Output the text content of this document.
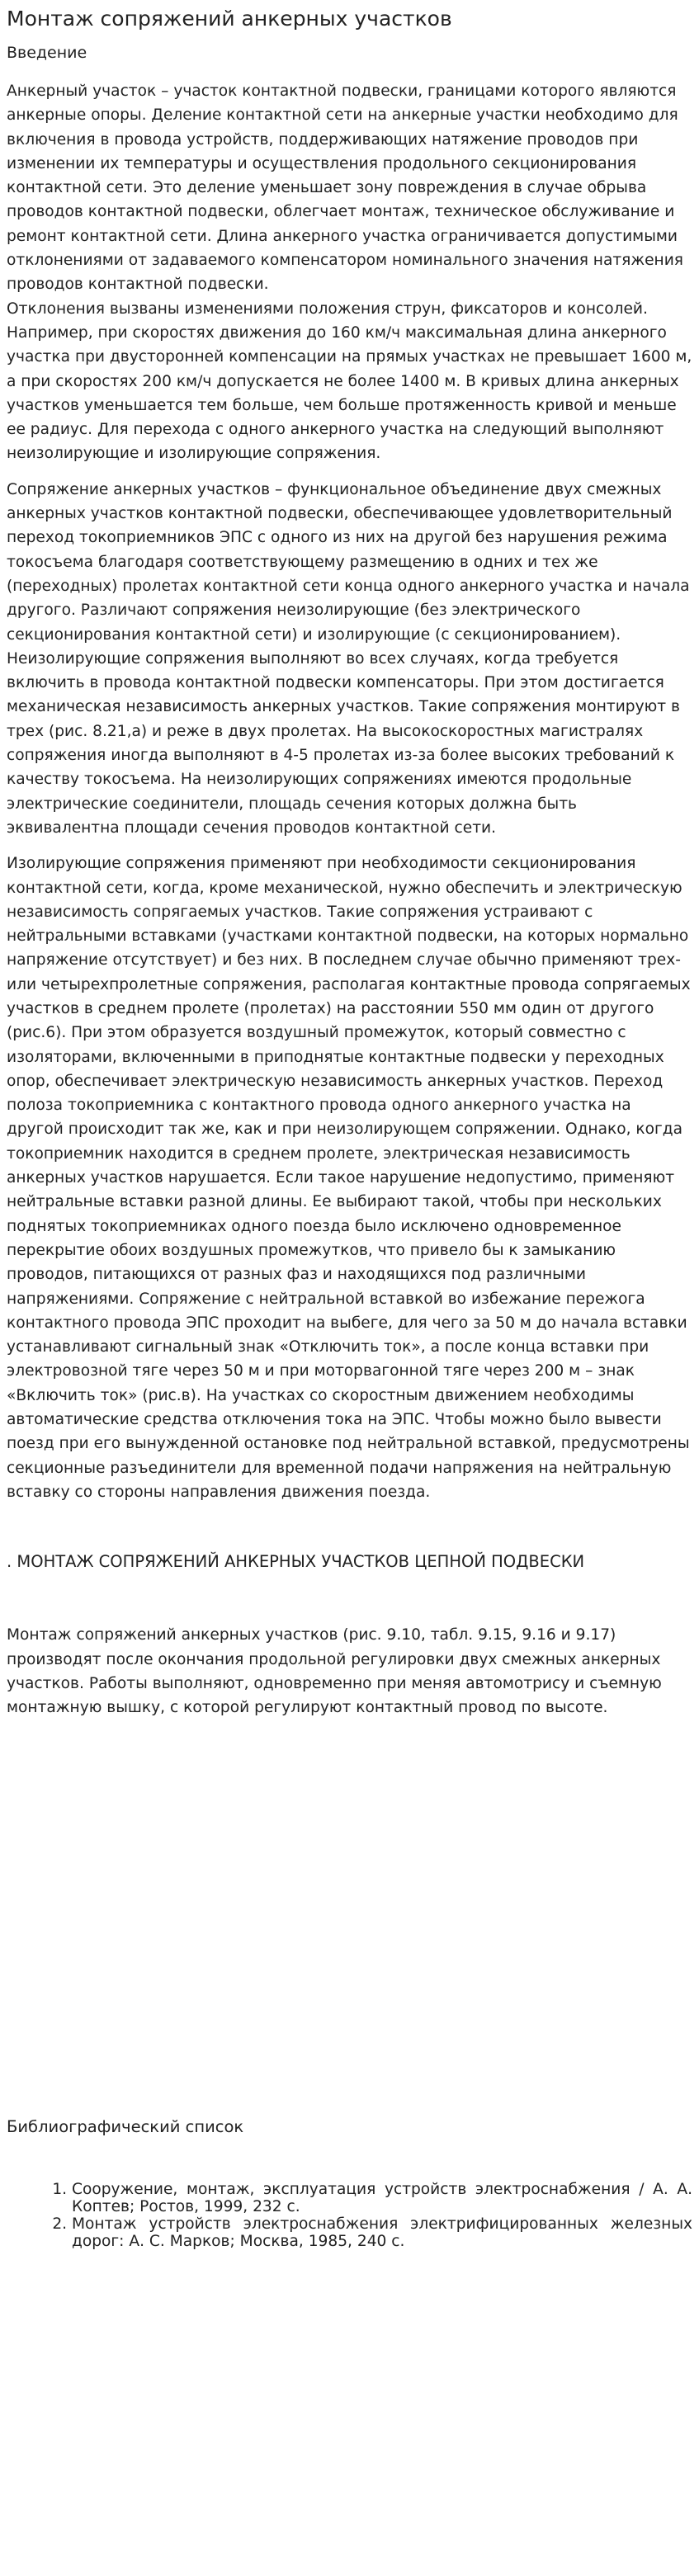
Монтаж сопряжений анкерных участков
Введение

Анкерный участок – участок контактной подвески, границами которого являются анкерные опоры. Деление контактной сети на анкерные участки необходимо для включения в провода устройств, поддерживающих натяжение проводов при изменении их температуры и осуществления продольного секционирования контактной сети. Это деление уменьшает зону повреждения в случае обрыва проводов контактной подвески, облегчает монтаж, техническое обслуживание и ремонт контактной сети. Длина анкерного участка ограничивается допустимыми отклонениями от задаваемого компенсатором номинального значения натяжения проводов контактной подвески.

Отклонения вызваны изменениями положения струн, фиксаторов и консолей. Например, при скоростях движения до 160 км/ч максимальная длина анкерного участка при двусторонней компенсации на прямых участках не превышает 1600 м, а при скоростях 200 км/ч допускается не более 1400 м. В кривых длина анкерных участков уменьшается тем больше, чем больше протяженность кривой и меньше ее радиус. Для перехода с одного анкерного участка на следующий выполняют неизолирующие и изолирующие сопряжения.

Сопряжение анкерных участков – функциональное объединение двух смежных анкерных участков контактной подвески, обеспечивающее удовлетворительный переход токоприемников ЭПС с одного из них на другой без нарушения режима токосъема благодаря соответствующему размещению в одних и тех же (переходных) пролетах контактной сети конца одного анкерного участка и начала другого. Различают сопряжения неизолирующие (без электрического секционирования контактной сети) и изолирующие (с секционированием). Неизолирующие сопряжения выполняют во всех случаях, когда требуется включить в провода контактной подвески компенсаторы. При этом достигается механическая независимость анкерных участков. Такие сопряжения монтируют в трех (рис. 8.21,а) и реже в двух пролетах. На высокоскоростных магистралях сопряжения иногда выполняют в 4-5 пролетах из-за более высоких требований к качеству токосъема. На неизолирующих сопряжениях имеются продольные электрические соединители, площадь сечения которых должна быть эквивалентна площади сечения проводов контактной сети.

Изолирующие сопряжения применяют при необходимости секционирования контактной сети, когда, кроме механической, нужно обеспечить и электрическую независимость сопрягаемых участков. Такие сопряжения устраивают с нейтральными вставками (участками контактной подвески, на которых нормально напряжение отсутствует) и без них. В последнем случае обычно применяют трех-или четырехпролетные сопряжения, располагая контактные провода сопрягаемых участков в среднем пролете (пролетах) на расстоянии 550 мм один от другого (рис.6). При этом образуется воздушный промежуток, который совместно с изоляторами, включенными в приподнятые контактные подвески у переходных опор, обеспечивает электрическую независимость анкерных участков. Переход полоза токоприемника с контактного провода одного анкерного участка на другой происходит так же, как и при неизолирующем сопряжении. Однако, когда токоприемник находится в среднем пролете, электрическая независимость анкерных участков нарушается. Если такое нарушение недопустимо, применяют нейтральные вставки разной длины. Ее выбирают такой, чтобы при нескольких поднятых токоприемниках одного поезда было исключено одновременное перекрытие обоих воздушных промежутков, что привело бы к замыканию проводов, питающихся от разных фаз и находящихся под различными напряжениями. Сопряжение с нейтральной вставкой во избежание пережога контактного провода ЭПС проходит на выбеге, для чего за 50 м до начала вставки устанавливают сигнальный знак «Отключить ток», а после конца вставки при электровозной тяге через 50 м и при моторвагонной тяге через 200 м – знак «Включить ток» (рис.в). На участках со скоростным движением необходимы автоматические средства отключения тока на ЭПС. Чтобы можно было вывести поезд при его вынужденной остановке под нейтральной вставкой, предусмотрены секционные разъединители для временной подачи напряжения на нейтральную вставку со стороны направления движения поезда.

. МОНТАЖ СОПРЯЖЕНИЙ АНКЕРНЫХ УЧАСТКОВ ЦЕПНОЙ ПОДВЕСКИ

Монтаж сопряжений анкерных участков (рис. 9.10, табл. 9.15, 9.16 и 9.17) производят после окончания продольной регулировки двух смежных анкерных участков. Работы выполняют, одновременно при меняя автомотрису и съемную монтажную вышку, с которой регулируют контактный провод по высоте.

Библиографический список
1. Сооружение, монтаж, эксплуатация устройств электроснабжения / А. А. Коптев; Ростов, 1999, 232 с.
2. Монтаж устройств электроснабжения электрифицированных железных дорог: А. С. Марков; Москва, 1985, 240 с.
